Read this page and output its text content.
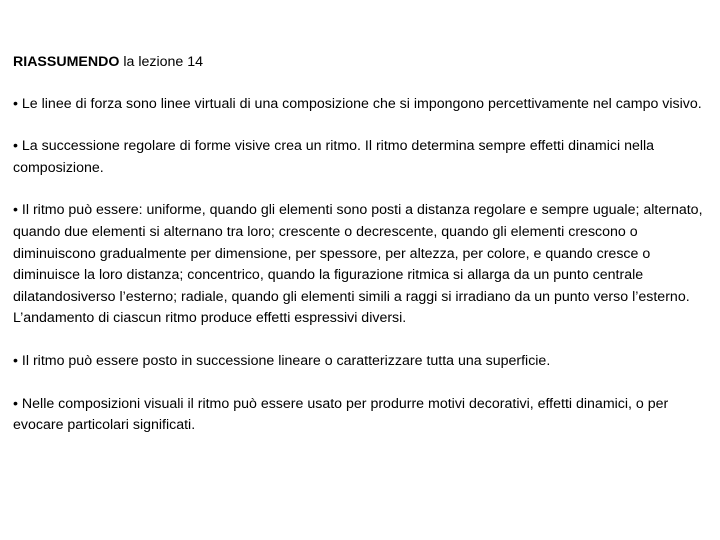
RIASSUMENDO la lezione 14

• Le linee di forza sono linee virtuali di una composizione che si impongono percettivamente nel campo visivo.

• La successione regolare di forme visive crea un ritmo. Il ritmo determina sempre effetti dinamici nella composizione.

• Il ritmo può essere: uniforme, quando gli elementi sono posti a distanza regolare e sempre uguale; alternato, quando due elementi si alternano tra loro; crescente o decrescente, quando gli elementi crescono o diminuiscono gradualmente per dimensione, per spessore, per altezza, per colore, e quando cresce o diminuisce la loro distanza; concentrico, quando la figurazione ritmica si allarga da un punto centrale dilatandosiverso l’esterno; radiale, quando gli elementi simili a raggi si irradiano da un punto verso l’esterno. L’andamento di ciascun ritmo produce effetti espressivi diversi.

• Il ritmo può essere posto in successione lineare o caratterizzare tutta una superficie.

• Nelle composizioni visuali il ritmo può essere usato per produrre motivi decorativi, effetti dinamici, o per evocare particolari significati.
